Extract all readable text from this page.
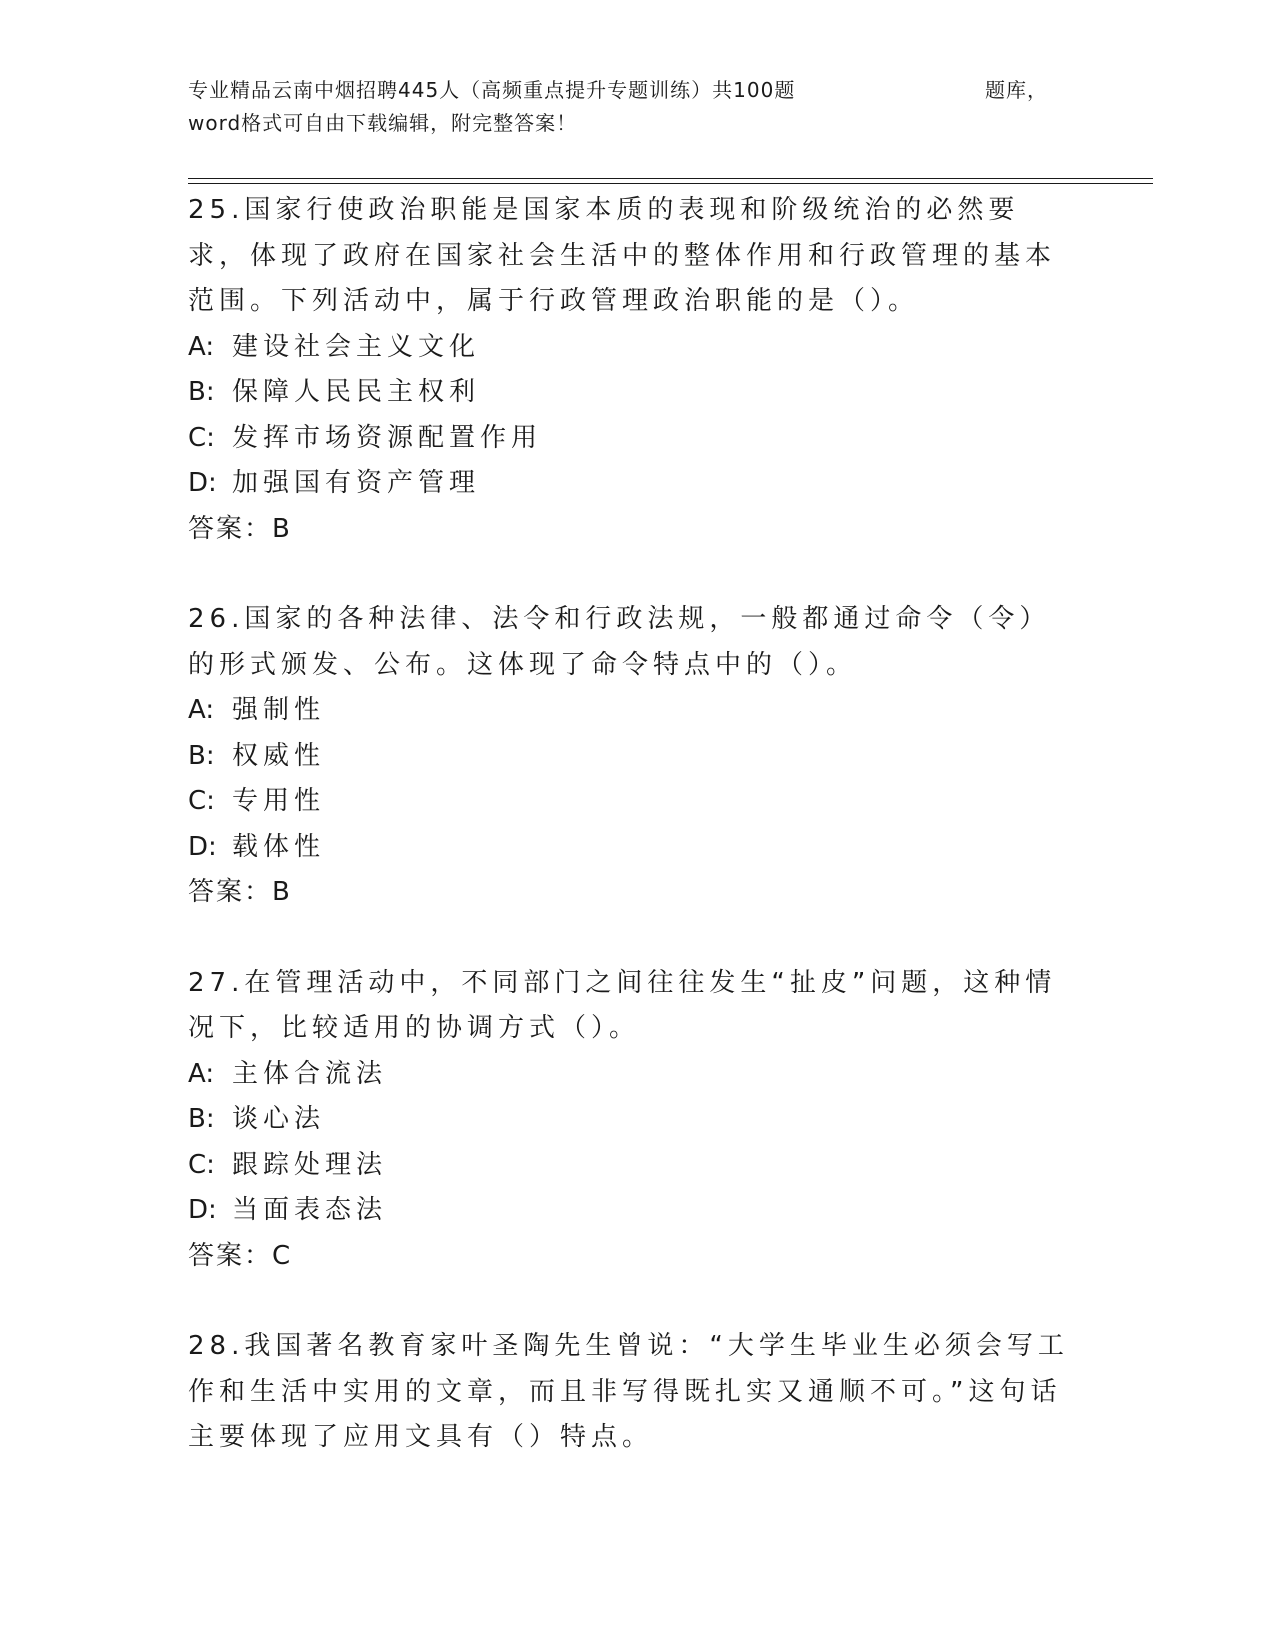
专业精品云南中烟招聘445人（高频重点提升专题训练）共100题	题库，
word格式可自由下载编辑，附完整答案！

25.国家行使政治职能是国家本质的表现和阶级统治的必然要求，体现了政府在国家社会生活中的整体作用和行政管理的基本范围。下列活动中，属于行政管理政治职能的是（）。

A: 建设社会主义文化

B: 保障人民民主权利

C: 发挥市场资源配置作用

D: 加强国有资产管理

答案：B

26.国家的各种法律、法令和行政法规，一般都通过命令（令）的形式颁发、公布。这体现了命令特点中的（）。

A: 强制性

B: 权威性

C: 专用性

D: 载体性

答案：B

27.在管理活动中，不同部门之间往往发生“扯皮”问题，这种情况下，比较适用的协调方式（）。

A: 主体合流法

B: 谈心法

C: 跟踪处理法

D: 当面表态法

答案：C

28.我国著名教育家叶圣陶先生曾说：“大学生毕业生必须会写工作和生活中实用的文章，而且非写得既扎实又通顺不可。”这句话主要体现了应用文具有（）特点。
